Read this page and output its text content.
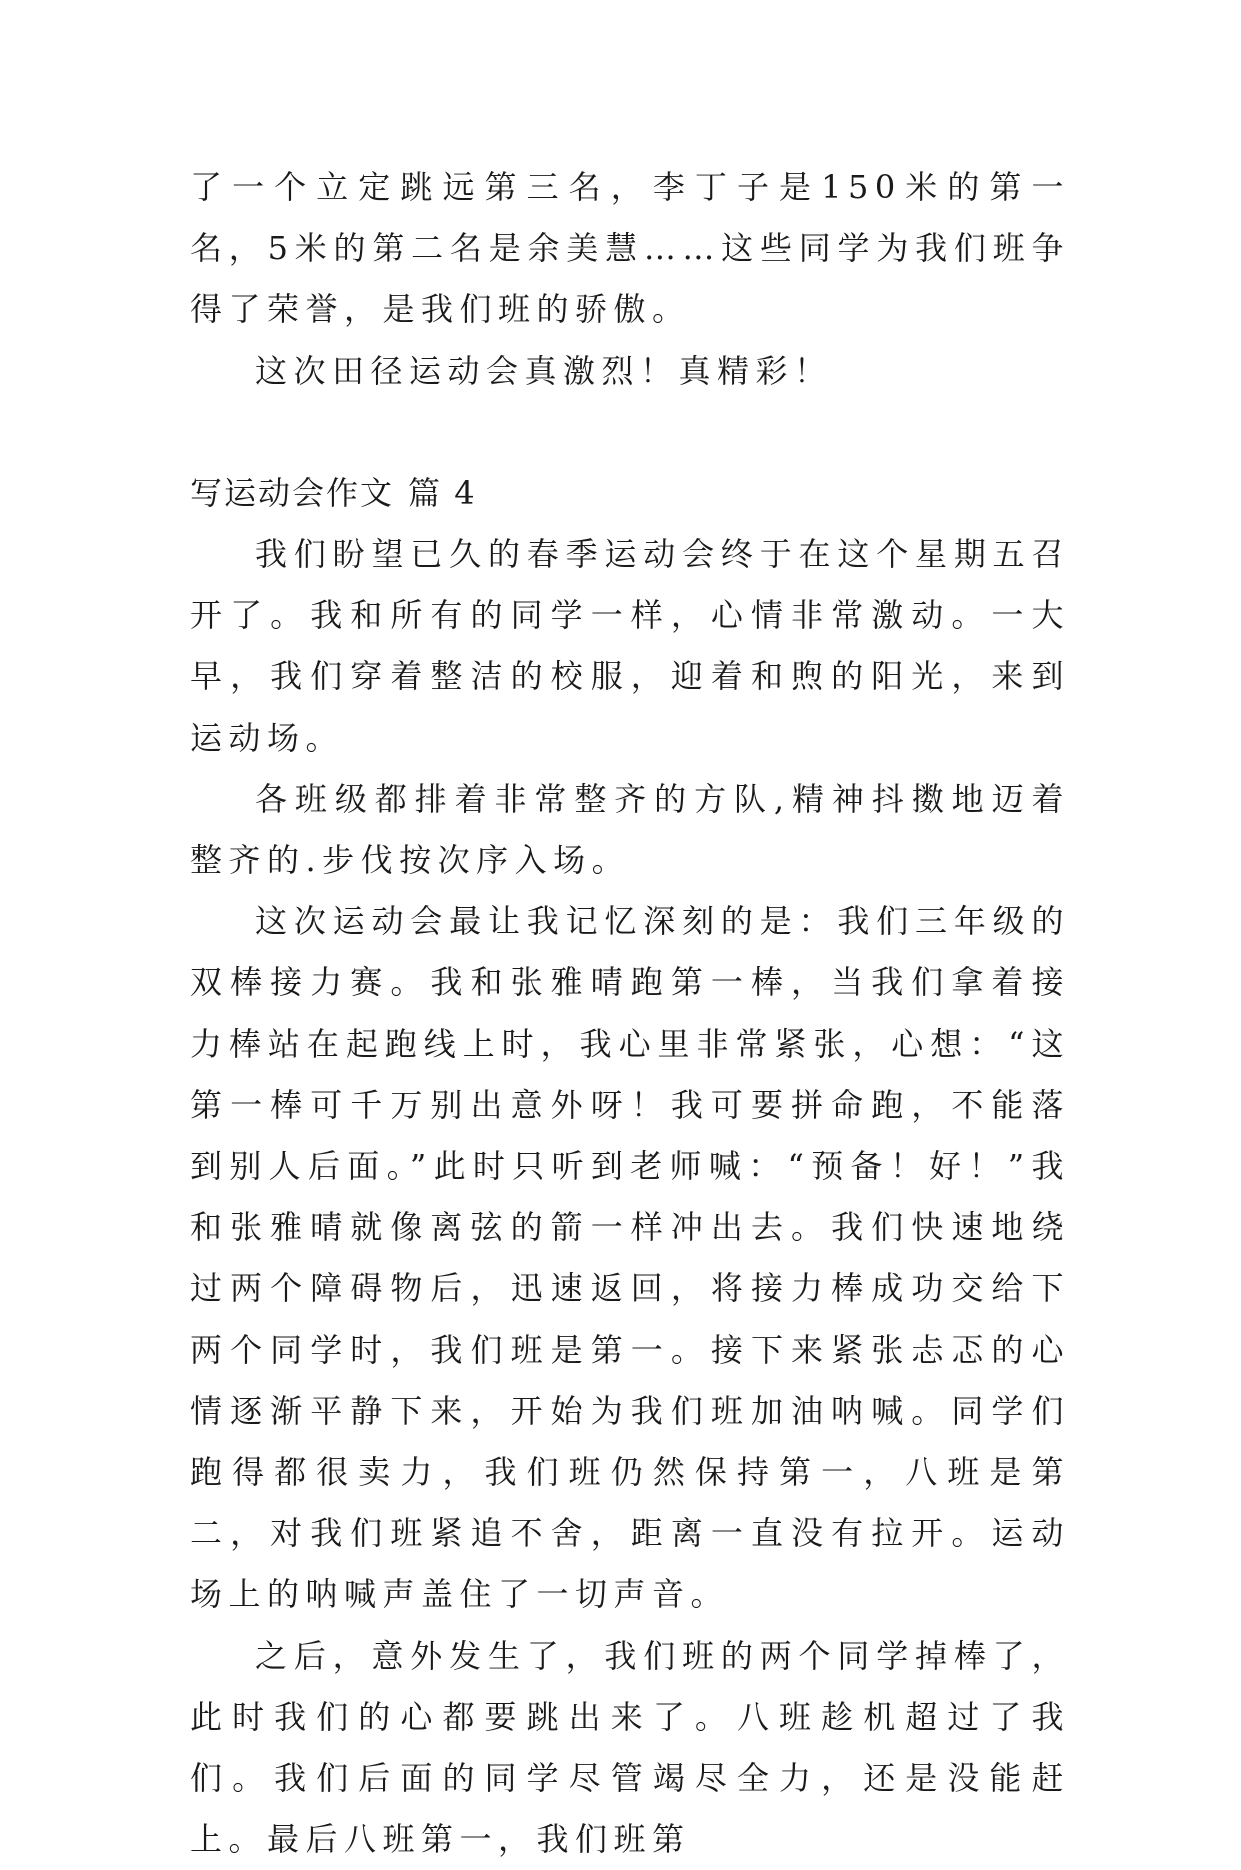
了一个立定跳远第三名，李丁子是150米的第一名，5米的第二名是余美慧……这些同学为我们班争得了荣誉，是我们班的骄傲。

这次田径运动会真激烈！真精彩！

写运动会作文 篇 4

我们盼望已久的春季运动会终于在这个星期五召开了。我和所有的同学一样，心情非常激动。一大早，我们穿着整洁的校服，迎着和煦的阳光，来到运动场。

各班级都排着非常整齐的方队,精神抖擞地迈着整齐的.步伐按次序入场。

这次运动会最让我记忆深刻的是：我们三年级的双棒接力赛。我和张雅晴跑第一棒，当我们拿着接力棒站在起跑线上时，我心里非常紧张，心想：“这第一棒可千万别出意外呀！我可要拼命跑，不能落到别人后面。”此时只听到老师喊：“预备！好！”我和张雅晴就像离弦的箭一样冲出去。我们快速地绕过两个障碍物后，迅速返回，将接力棒成功交给下两个同学时，我们班是第一。接下来紧张忐忑的心情逐渐平静下来，开始为我们班加油呐喊。同学们跑得都很卖力，我们班仍然保持第一，八班是第二，对我们班紧追不舍，距离一直没有拉开。运动场上的呐喊声盖住了一切声音。

之后，意外发生了，我们班的两个同学掉棒了，此时我们的心都要跳出来了。八班趁机超过了我们。我们后面的同学尽管竭尽全力，还是没能赶上。最后八班第一，我们班第
